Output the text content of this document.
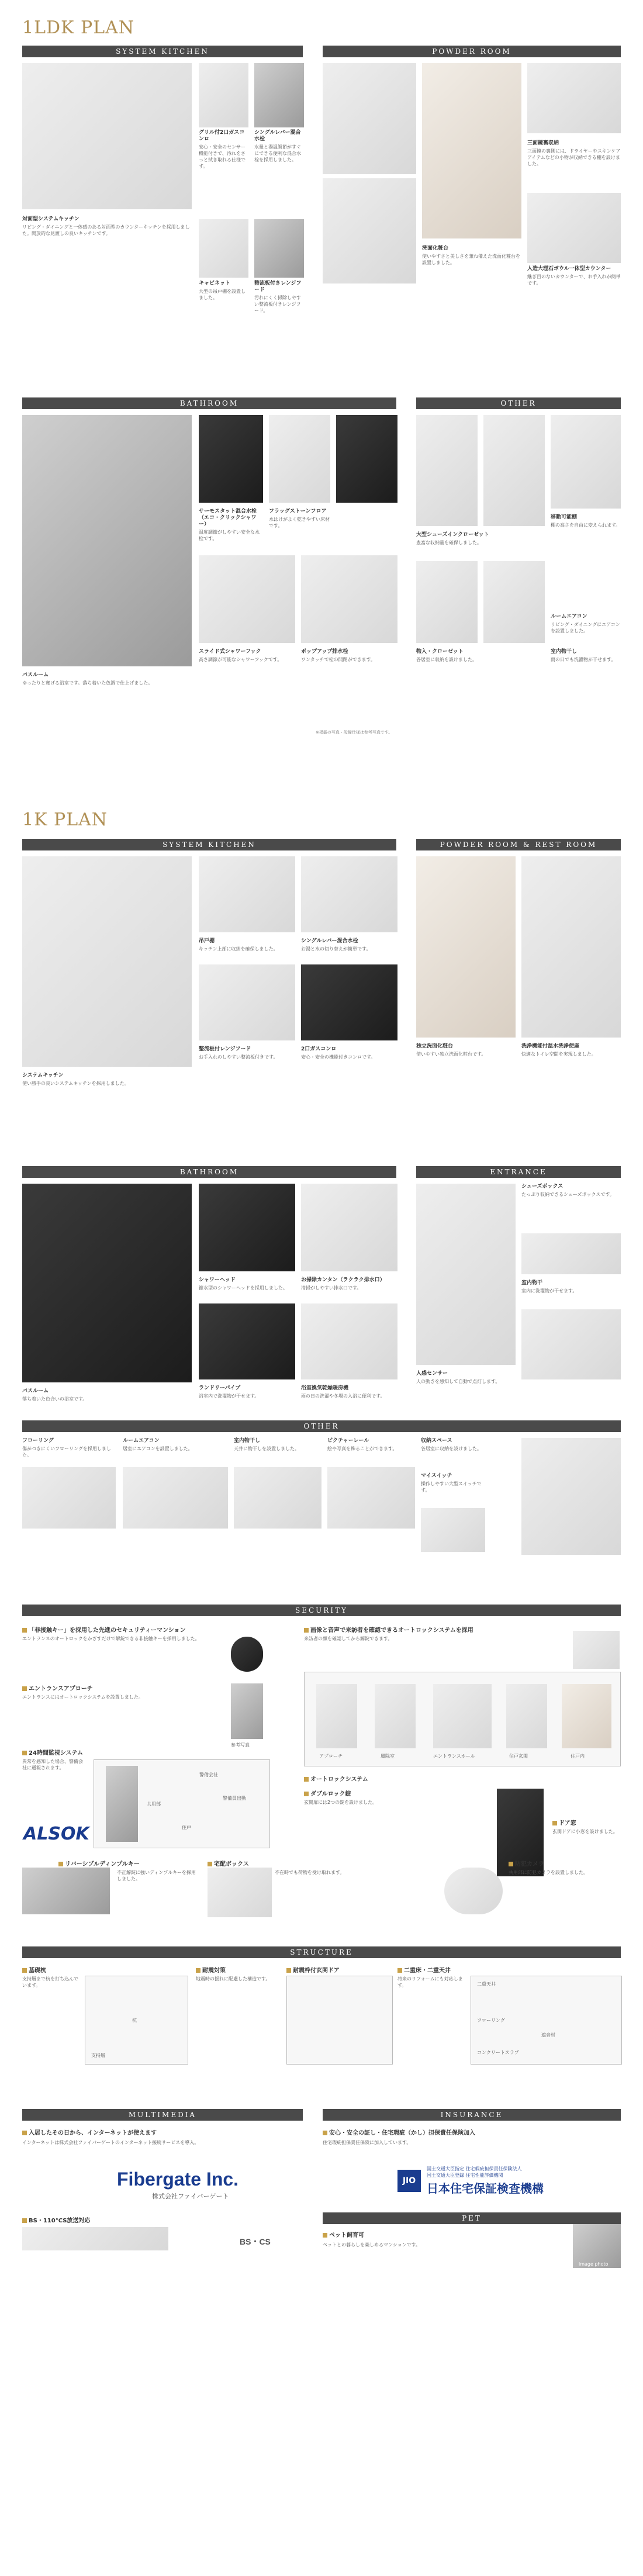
1LDK PLAN
SYSTEM KITCHEN	POWDER ROOM
グリル付2口ガスコンロ
安心・安全のセンサー機能付きで、汚れをさっと拭き取れる仕様です。
シングルレバー混合水栓
水量と湯温調節がすぐにできる便利な混合水栓を採用しました。
対面型システムキッチン
リビング・ダイニングと一体感のある対面型のカウンターキッチンを採用しました。開放的な見渡しの良いキッチンです。
キャビネット
大型の吊戸棚を設置しました。
整流板付きレンジフード
汚れにくく掃除しやすい整流板付きレンジフード。
三面鏡裏収納
三面鏡の裏側には、ドライヤーやスキンケアアイテムなどの小物が収納できる棚を設けました。
人造大理石ボウル一体型カウンター
継ぎ目のないカウンターで、お手入れが簡単です。
洗面化粧台
使いやすさと美しさを兼ね備えた洗面化粧台を設置しました。
BATHROOM	OTHER
バスルーム
ゆったりと寛げる浴室です。落ち着いた色調で仕上げました。
サーモスタット混合水栓（エコ・クリックシャワー）
温度調節がしやすい安全な水栓です。
フラッグストーンフロア
水はけがよく乾きやすい床材です。
スライド式シャワーフック
高さ調節が可能なシャワーフックです。
ポップアップ排水栓
ワンタッチで栓の開閉ができます。
大型シューズインクローゼット
豊富な収納量を確保しました。
移動可能棚
棚の高さを自由に変えられます。
物入・クローゼット
各居室に収納を設けました。
ルームエアコン
リビング・ダイニングにエアコンを設置しました。
室内物干し
雨の日でも洗濯物が干せます。
※掲載の写真・設備仕様は参考写真です。
1K PLAN
SYSTEM KITCHEN	POWDER ROOM & REST ROOM
システムキッチン
使い勝手の良いシステムキッチンを採用しました。
吊戸棚
キッチン上部に収納を確保しました。
シングルレバー混合水栓
お湯と水の切り替えが簡単です。
整流板付レンジフード
お手入れのしやすい整流板付きです。
2口ガスコンロ
安心・安全の機能付きコンロです。
独立洗面化粧台
使いやすい独立洗面化粧台です。
洗浄機能付温水洗浄便座
快適なトイレ空間を実現しました。
BATHROOM	ENTRANCE
バスルーム
落ち着いた色合いの浴室です。
シャワーヘッド
節水型のシャワーヘッドを採用しました。
お掃除カンタン（ラクラク排水口）
清掃がしやすい排水口です。
ランドリーパイプ
浴室内で洗濯物が干せます。
浴室換気乾燥暖房機
雨の日の洗濯や冬場の入浴に便利です。
シューズボックス
たっぷり収納できるシューズボックスです。
室内物干
室内に洗濯物が干せます。
人感センサー
人の動きを感知して自動で点灯します。
OTHER
フローリング
傷がつきにくいフローリングを採用しました。
ルームエアコン
居室にエアコンを設置しました。
室内物干し
天井に物干しを設置しました。
ピクチャーレール
絵や写真を飾ることができます。
収納スペース
各居室に収納を設けました。
マイスイッチ
操作しやすい大型スイッチです。
SECURITY
「非接触キー」を採用した先進のセキュリティーマンション
エントランスのオートロックをかざすだけで解錠できる非接触キーを採用しました。
エントランスアプローチ
エントランスにはオートロックシステムを設置しました。
参考写真
24時間監視システム
異常を感知した場合、警備会社に通報されます。
ALSOK
共用部
警備会社
住戸
警備員出動
画像と音声で来訪者を確認できるオートロックシステムを採用
来訪者の顔を確認してから解錠できます。
アプローチ	風除室	エントランスホール	住戸玄関	住戸内
オートロックシステム
ダブルロック錠
玄関扉には2つの錠を設けました。
ドア窓
玄関ドアに小窓を設けました。
リバーシブルディンプルキー
不正解錠に強いディンプルキーを採用しました。
宅配ボックス
不在時でも荷物を受け取れます。
防犯カメラ
共用部に防犯カメラを設置しました。
STRUCTURE
基礎杭
支持層まで杭を打ち込んでいます。
支持層
杭
耐震対策
地震時の揺れに配慮した構造です。
耐震枠付玄関ドア	二重床・二重天井
将来のリフォームにも対応します。	二重天井
フローリング
遮音材
コンクリートスラブ
MULTIMEDIA	INSURANCE
入居したその日から、インターネットが使えます
インターネットは株式会社ファイバーゲートのインターネット接続サービスを導入。
Fibergate Inc.
株式会社ファイバーゲート
BS・110°CS放送対応
BS・CS
安心・安全の証し・住宅瑕疵（かし）担保責任保険加入
住宅瑕疵担保責任保険に加入しています。
JIO
国土交通大臣指定 住宅瑕疵担保責任保険法人
国土交通大臣登録 住宅性能評価機関
日本住宅保証検査機構
PET
ペット飼育可
ペットとの暮らしを楽しめるマンションです。
image photo
